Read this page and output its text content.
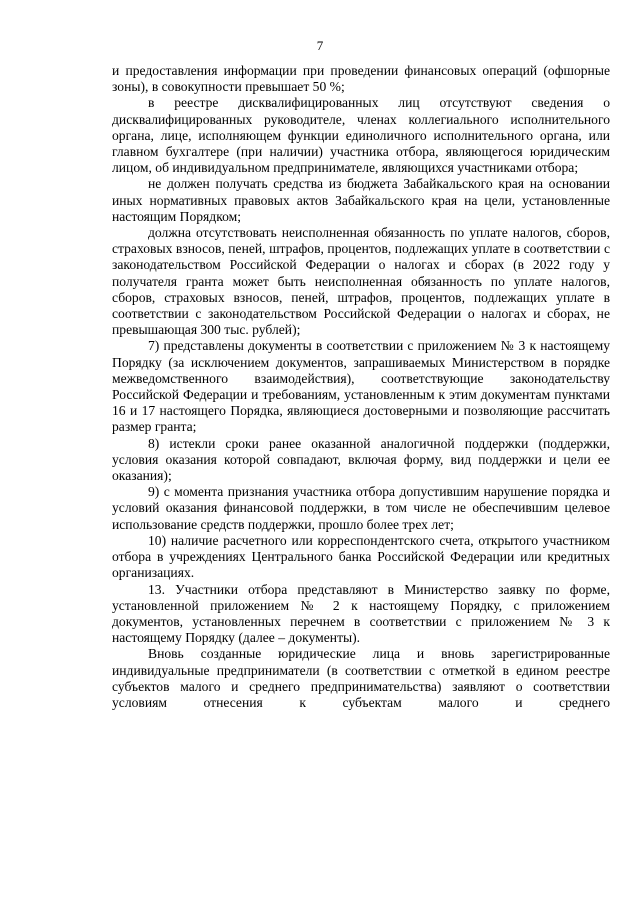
7

и предоставления информации при проведении финансовых операций (офшорные зоны), в совокупности превышает 50 %;

в реестре дисквалифицированных лиц отсутствуют сведения о дисквалифицированных руководителе, членах коллегиального исполнительного органа, лице, исполняющем функции единоличного исполнительного органа, или главном бухгалтере (при наличии) участника отбора, являющегося юридическим лицом, об индивидуальном предпринимателе, являющихся участниками отбора;

не должен получать средства из бюджета Забайкальского края на основании иных нормативных правовых актов Забайкальского края на цели, установленные настоящим Порядком;

должна отсутствовать неисполненная обязанность по уплате налогов, сборов, страховых взносов, пеней, штрафов, процентов, подлежащих уплате в соответствии с законодательством Российской Федерации о налогах и сборах (в 2022 году у получателя гранта может быть неисполненная обязанность по уплате налогов, сборов, страховых взносов, пеней, штрафов, процентов, подлежащих уплате в соответствии с законодательством Российской Федерации о налогах и сборах, не превышающая 300 тыс. рублей);

7) представлены документы в соответствии с приложением № 3 к настоящему Порядку (за исключением документов, запрашиваемых Министерством в порядке межведомственного взаимодействия), соответствующие законодательству Российской Федерации и требованиям, установленным к этим документам пунктами 16 и 17 настоящего Порядка, являющиеся достоверными и позволяющие рассчитать размер гранта;

8) истекли сроки ранее оказанной аналогичной поддержки (поддержки, условия оказания которой совпадают, включая форму, вид поддержки и цели ее оказания);

9) с момента признания участника отбора допустившим нарушение порядка и условий оказания финансовой поддержки, в том числе не обеспечившим целевое использование средств поддержки, прошло более трех лет;

10) наличие расчетного или корреспондентского счета, открытого участником отбора в учреждениях Центрального банка Российской Федерации или кредитных организациях.

13. Участники отбора представляют в Министерство заявку по форме, установленной приложением № 2 к настоящему Порядку, с приложением документов, установленных перечнем в соответствии с приложением № 3 к настоящему Порядку (далее – документы).

Вновь созданные юридические лица и вновь зарегистрированные индивидуальные предприниматели (в соответствии с отметкой в едином реестре субъектов малого и среднего предпринимательства) заявляют о соответствии условиям отнесения к субъектам малого и среднего
